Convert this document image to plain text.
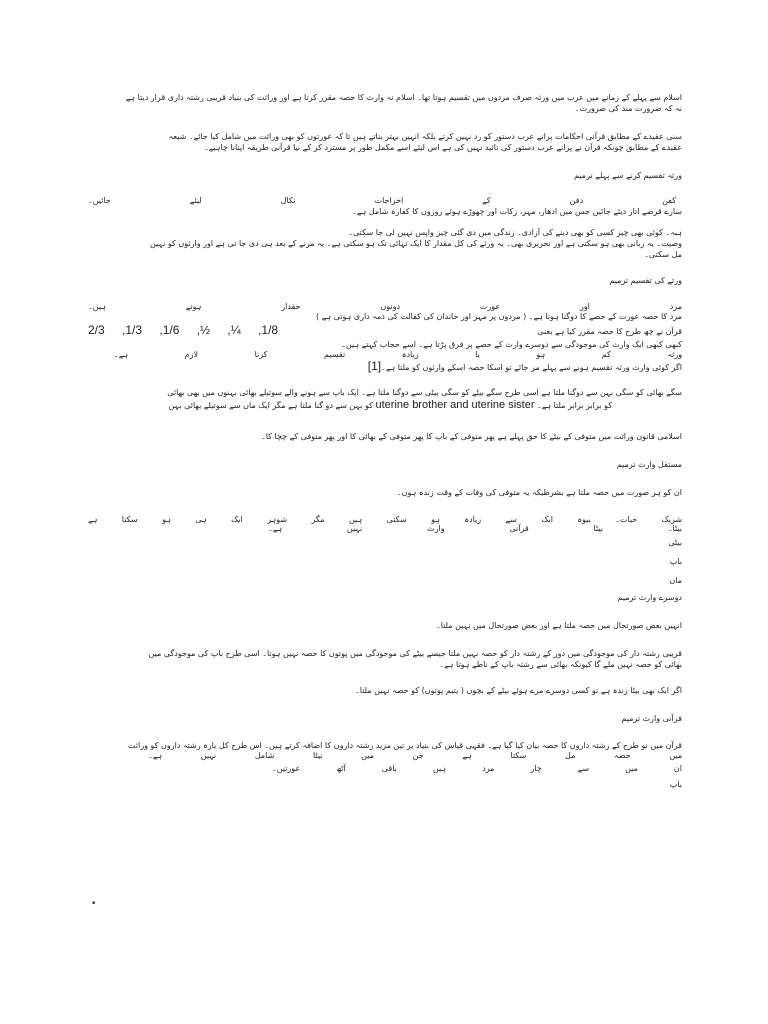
اسلام سے پہلے کے زمانے میں عرب میں ورثہ صرف مردوں میں تقسیم ہوتا تھا۔ اسلام نہ وارث کا حصہ مقرر کرتا ہے اور وراثت کی بنیاد قریبی رشتہ داری قرار دیتا ہے
نہ کہ ضرورت مند کی ضرورت۔

سنی عقیدے کے مطابق قرآنی احکامات پرانے عرب دستور کو رد نہیں کرتے بلکہ انہیں بہتر بناتے ہیں تا کہ عورتوں کو بھی وراثت میں شامل کیا جائے۔ شیعہ
عقیدے کے مطابق چونکہ قرآن نے پرانے عرب دستور کی تائید نہیں کی ہے اس لیئے اسے مکمل طور پر مسترد کر کے نیا قرآنی طریقہ اپنانا چاہیے۔

ورثہ تقسیم کرنے سے پہلے ترمیم
کفن دفن کے اخراجات نکال لیئے جائیں۔
سارے قرضے اتار دیئے جائیں جس میں ادھار، مہر، زکات اور چھوڑے ہوئے روزوں کا کفارہ شامل ہے۔

ہبہ۔ کوئی بھی چیز کسی کو بھی دینے کی آزادی۔ زندگی میں دی گئی چیز واپس نہیں لی جا سکتی۔
وصیت۔ یہ زبانی بھی ہو سکتی ہے اور تحریری بھی۔ یہ ورثے کی کل مقدار کا ایک تہائی تک ہو سکتی ہے۔ یہ مرنے کے بعد ہی دی جا تی ہے اور وارثوں کو نہیں
مل سکتی۔

ورثے کی تقسیم ترمیم
مرد اور عورت دونوں حقدار ہوتے ہیں۔
مرد کا حصہ عورت کے حصے کا دوگنا ہوتا ہے۔ ( مردوں پر مہر اور خاندان کی کفالت کی ذمہ داری ہوتی ہے )
قرآن نے چھ طرح کا حصہ مقرر کیا ہے یعنی
2/3 ,1/3 ,1/6 ,½ ,¼ ,1/8
کبھی کبھی ایک وارث کی موجودگی سے دوسرے وارث کے حصے پر فرق پڑتا ہے۔ اسے حجاب کہتے ہیں۔
ورثہ کم ہو یا زیادہ تقسیم کرنا لازم ہے۔
اگر کوئی وارث ورثہ تقسیم ہونے سے پہلے مر جائے تو اسکا حصہ اسکے وارثوں کو ملتا ہے۔[1]
سگے بھائی کو سگی بہن سے دوگنا ملتا ہے اسی طرح سگے بیٹے کو سگی بیٹی سے دوگنا ملتا ہے۔ ایک باپ سے ہونے والے سوتیلے بھائی بہنوں میں بھی بھائی
کو برابر برابر ملتا ہے۔ uterine brother and uterine sister کو بہن سے دو گنا ملتا ہے مگر ایک ماں سے سوتیلے بھائی بہن

اسلامی قانون وراثت میں متوفی کے بیٹے کا حق پہلے ہے پھر متوفی کے باپ کا پھر متوفی کے بھائی کا اور پھر متوفی کے چچا کا۔

مستقل وارث ترمیم

ان کو ہر صورت میں حصہ ملتا ہے بشرطیکہ یہ متوفی کی وفات کے وقت زندہ ہوں۔

شریک حیات۔ بیوہ ایک سے زیادہ ہو سکتی ہیں مگر شوہر ایک ہی ہو سکتا ہے
بیٹا۔ بیٹا قرآنی وارث نہیں ہے۔
بیٹی
باپ
ماں
دوسرے وارث ترمیم

انہیں بعض صورتحال میں حصہ ملتا ہے اور بعض صورتحال میں نہیں ملتا۔

قریبی رشتہ دار کی موجودگی میں دور کے رشتہ دار کو حصہ نہیں ملتا جیسے بیٹے کی موجودگی میں پوتوں کا حصہ نہیں ہوتا۔ اسی طرح باپ کی موجودگی میں
بھائی کو حصہ نہیں ملے گا کیونکہ بھائی سے رشتہ باپ کے ناطے ہوتا ہے۔

اگر ایک بھی بیٹا زندہ ہے تو کسی دوسرے مرے ہوئے بیٹے کے بچوں ( یتیم پوتوں) کو حصہ نہیں ملتا۔

قرآنی وارث ترمیم
قرآن میں نو طرح کے رشتہ داروں کا حصہ بیان کیا گیا ہے۔ فقہی قیاس کی بنیاد پر تین مزید رشتہ داروں کا اضافہ کرتے ہیں۔ اس طرح کل بارہ رشتہ داروں کو وراثت
میں حصہ مل سکتا ہے جن میں بیٹا شامل نہیں ہے۔
ان میں سے چار مرد ہیں باقی آٹھ عورتیں۔
باپ
•
